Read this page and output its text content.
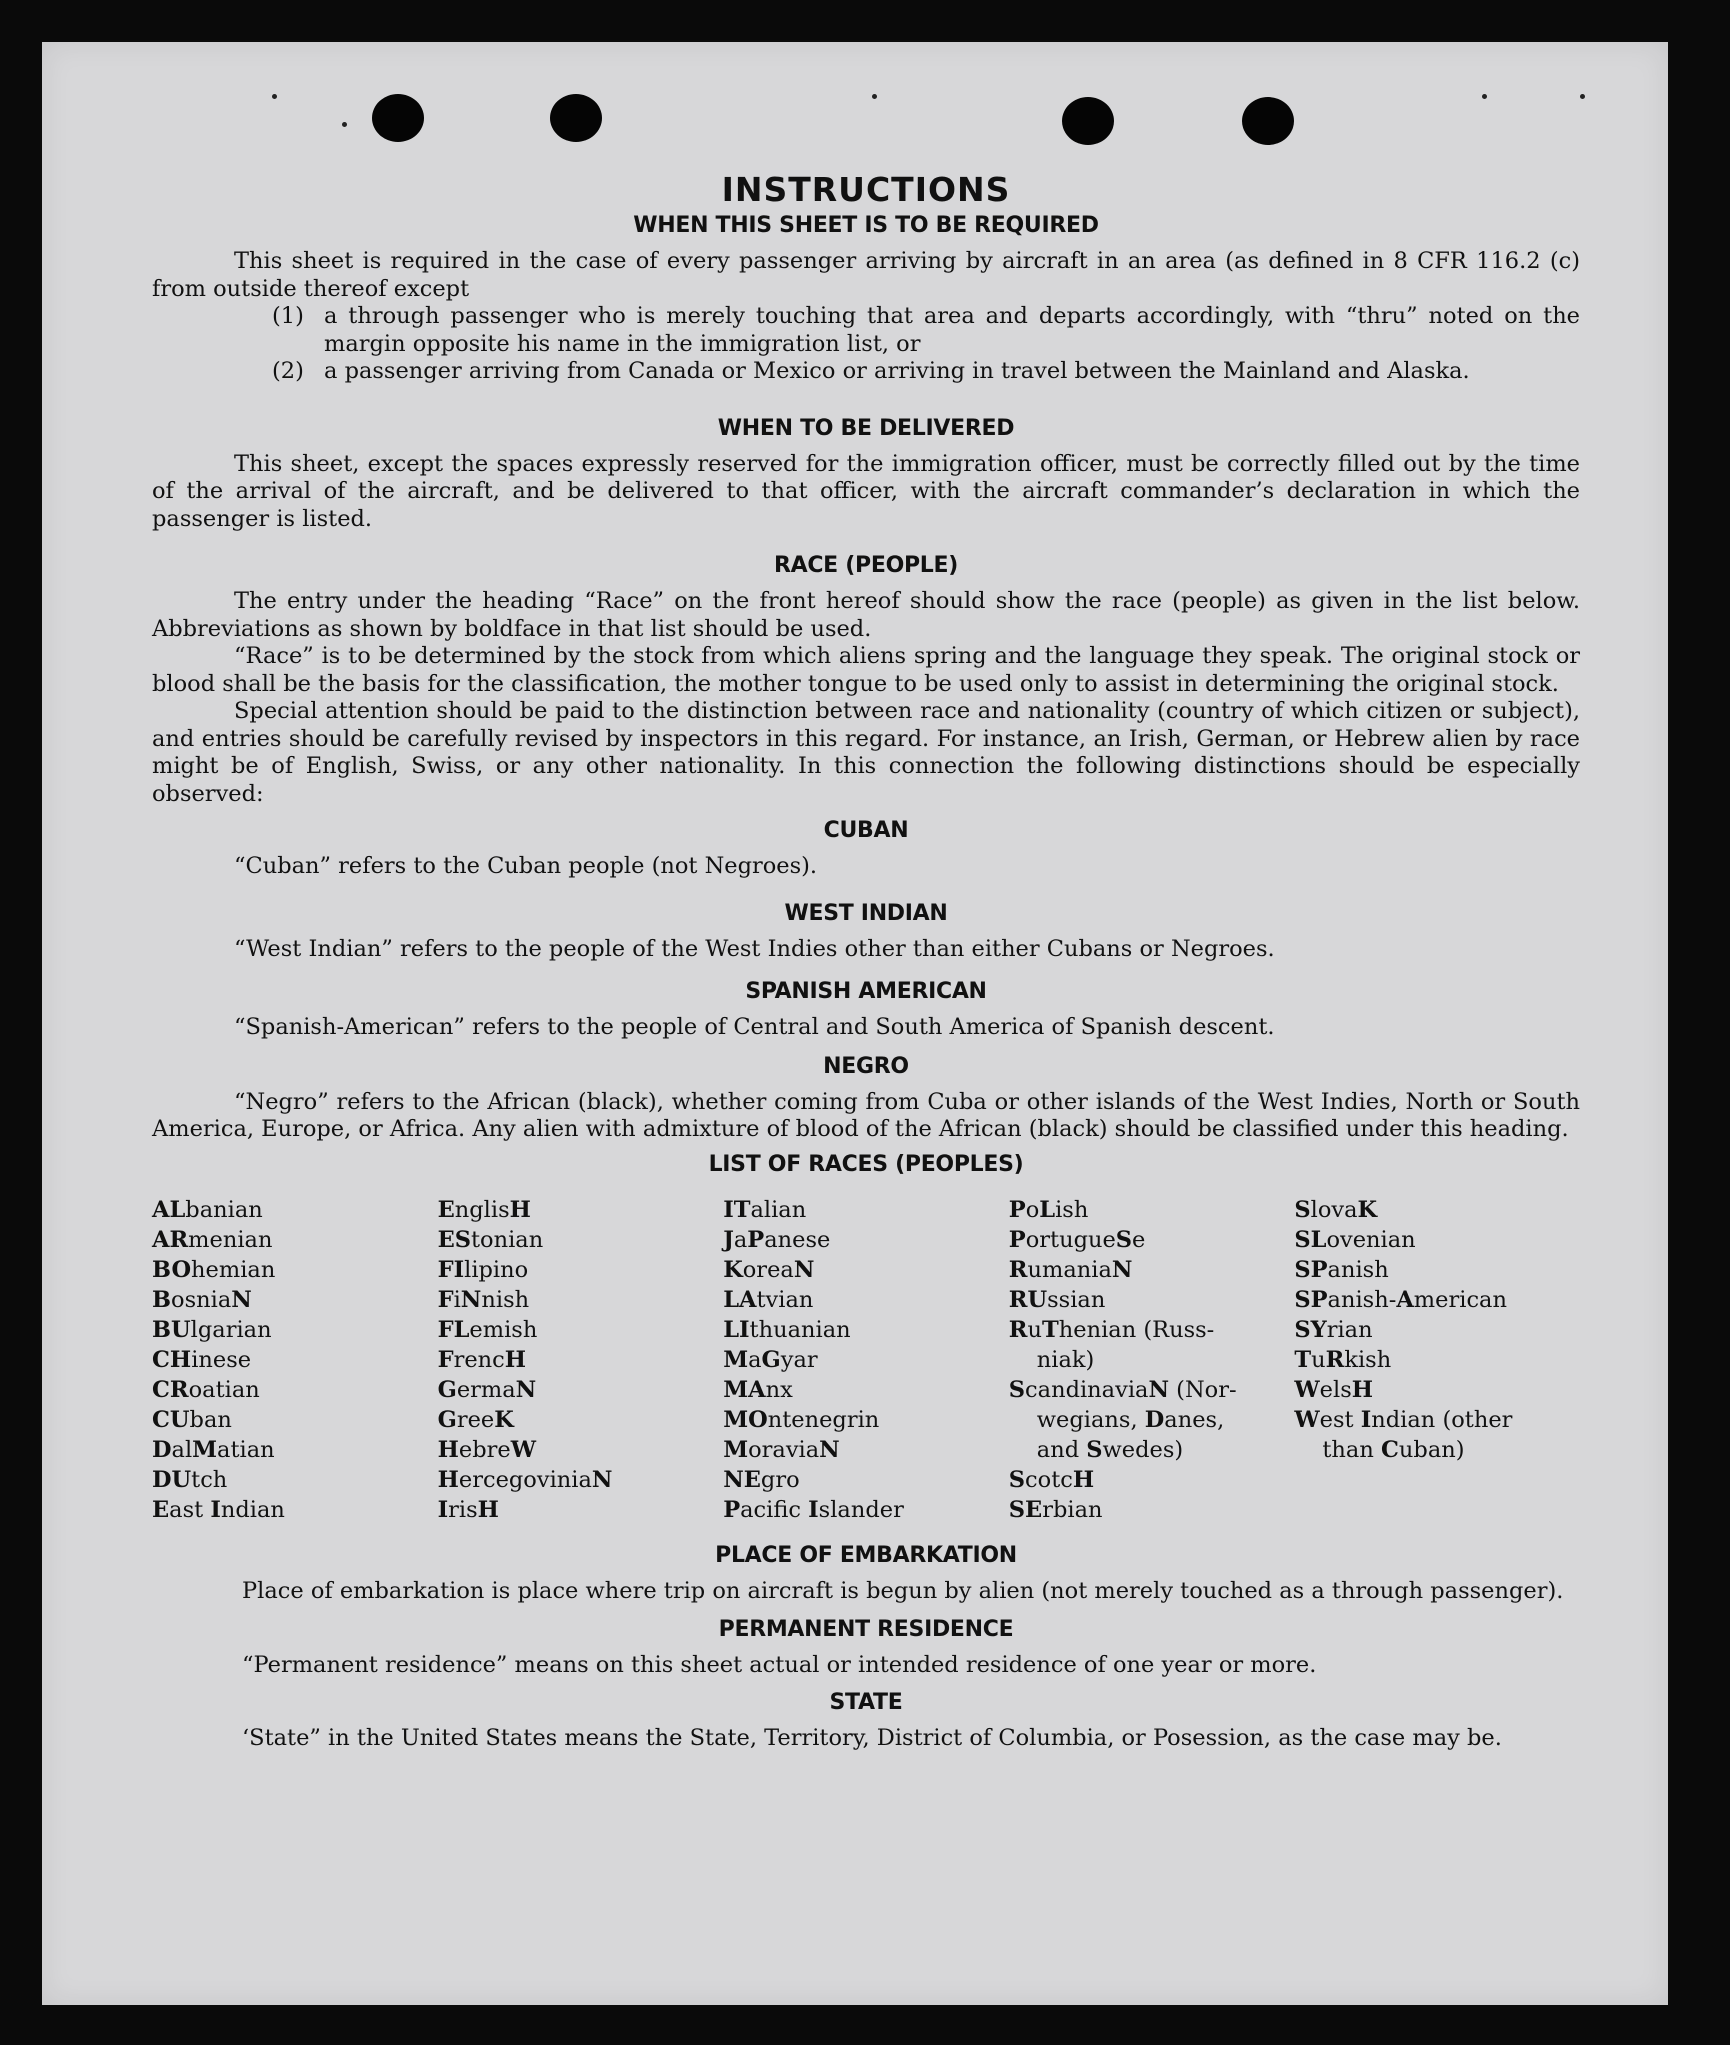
INSTRUCTIONS
WHEN THIS SHEET IS TO BE REQUIRED

This sheet is required in the case of every passenger arriving by aircraft in an area (as defined in 8 CFR 116.2 (c) from outside thereof except

(1) a through passenger who is merely touching that area and departs accordingly, with “thru” noted on the margin opposite his name in the immigration list, or
(2) a passenger arriving from Canada or Mexico or arriving in travel between the Mainland and Alaska.
WHEN TO BE DELIVERED

This sheet, except the spaces expressly reserved for the immigration officer, must be correctly filled out by the time of the arrival of the aircraft, and be delivered to that officer, with the aircraft commander’s declaration in which the passenger is listed.

RACE (PEOPLE)

The entry under the heading “Race” on the front hereof should show the race (people) as given in the list below. Abbreviations as shown by boldface in that list should be used.

“Race” is to be determined by the stock from which aliens spring and the language they speak. The original stock or blood shall be the basis for the classification, the mother tongue to be used only to assist in determining the original stock.

Special attention should be paid to the distinction between race and nationality (country of which citizen or subject), and entries should be carefully revised by inspectors in this regard. For instance, an Irish, German, or Hebrew alien by race might be of English, Swiss, or any other nationality. In this connection the following distinctions should be especially observed:

CUBAN

“Cuban” refers to the Cuban people (not Negroes).

WEST INDIAN

“West Indian” refers to the people of the West Indies other than either Cubans or Negroes.

SPANISH AMERICAN

“Spanish-American” refers to the people of Central and South America of Spanish descent.

NEGRO

“Negro” refers to the African (black), whether coming from Cuba or other islands of the West Indies, North or South America, Europe, or Africa. Any alien with admixture of blood of the African (black) should be classified under this heading.

LIST OF RACES (PEOPLES)
ALbanian
ARmenian
BOhemian
BosniaN
BUlgarian
CHinese
CRoatian
CUban
DalMatian
DUtch
East Indian
EnglisH
EStonian
FIlipino
FiNnish
FLemish
FrencH
GermaN
GreeK
HebreW
HercegoviniaN
IrisH
ITalian
JaPanese
KoreaN
LAtvian
LIthuanian
MaGyar
MAnx
MOntenegrin
MoraviaN
NEgro
Pacifc Islander
PoLish
PortugueSe
RumaniaN
RUssian
RuThenian (Russ-
niak)
ScandinaviaN (Nor-
wegians, Danes,
and Swedes)
ScotcH
SErbian
SlovaK
SLovenian
SPanish
SPanish-American
SYrian
TuRkish
WelsH
West Indian (other
than Cuban)
PLACE OF EMBARKATION

Place of embarkation is place where trip on aircraft is begun by alien (not merely touched as a through passenger).

PERMANENT RESIDENCE

“Permanent residence” means on this sheet actual or intended residence of one year or more.

STATE

‘State” in the United States means the State, Territory, District of Columbia, or Posession, as the case may be.
